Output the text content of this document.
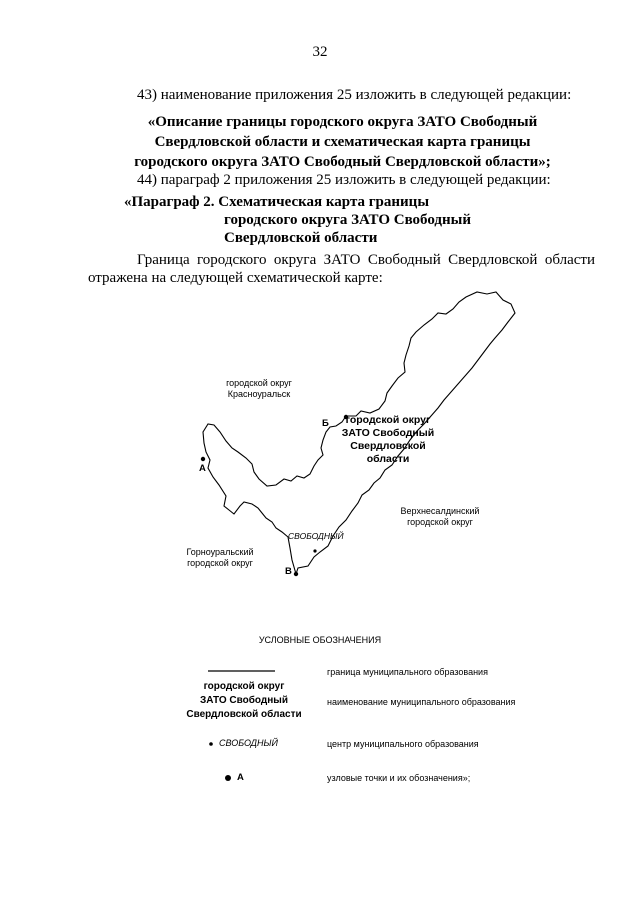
32
43) наименование приложения 25 изложить в следующей редакции:
«Описание границы городского округа ЗАТО Свободный
Свердловской области и схематическая карта границы
городского округа ЗАТО Свободный Свердловской области»;
44) параграф 2 приложения 25 изложить в следующей редакции:
«Параграф 2. Схематическая карта границы
городского округа ЗАТО Свободный
Свердловской области
Граница городского округа ЗАТО Свободный Свердловской области
отражена на следующей схематической карте:
городской округ
Красноуральск
городской округ
ЗАТО Свободный
Свердловской
области
Верхнесалдинский
городской округ
Горноуральский
городской округ
СВОБОДНЫЙ
А
Б
В
УСЛОВНЫЕ ОБОЗНАЧЕНИЯ
граница муниципального образования
городской округ
ЗАТО Свободный
Свердловской области
наименование муниципального образования
СВОБОДНЫЙ	центр муниципального образования
А	узловые точки и их обозначения»;
